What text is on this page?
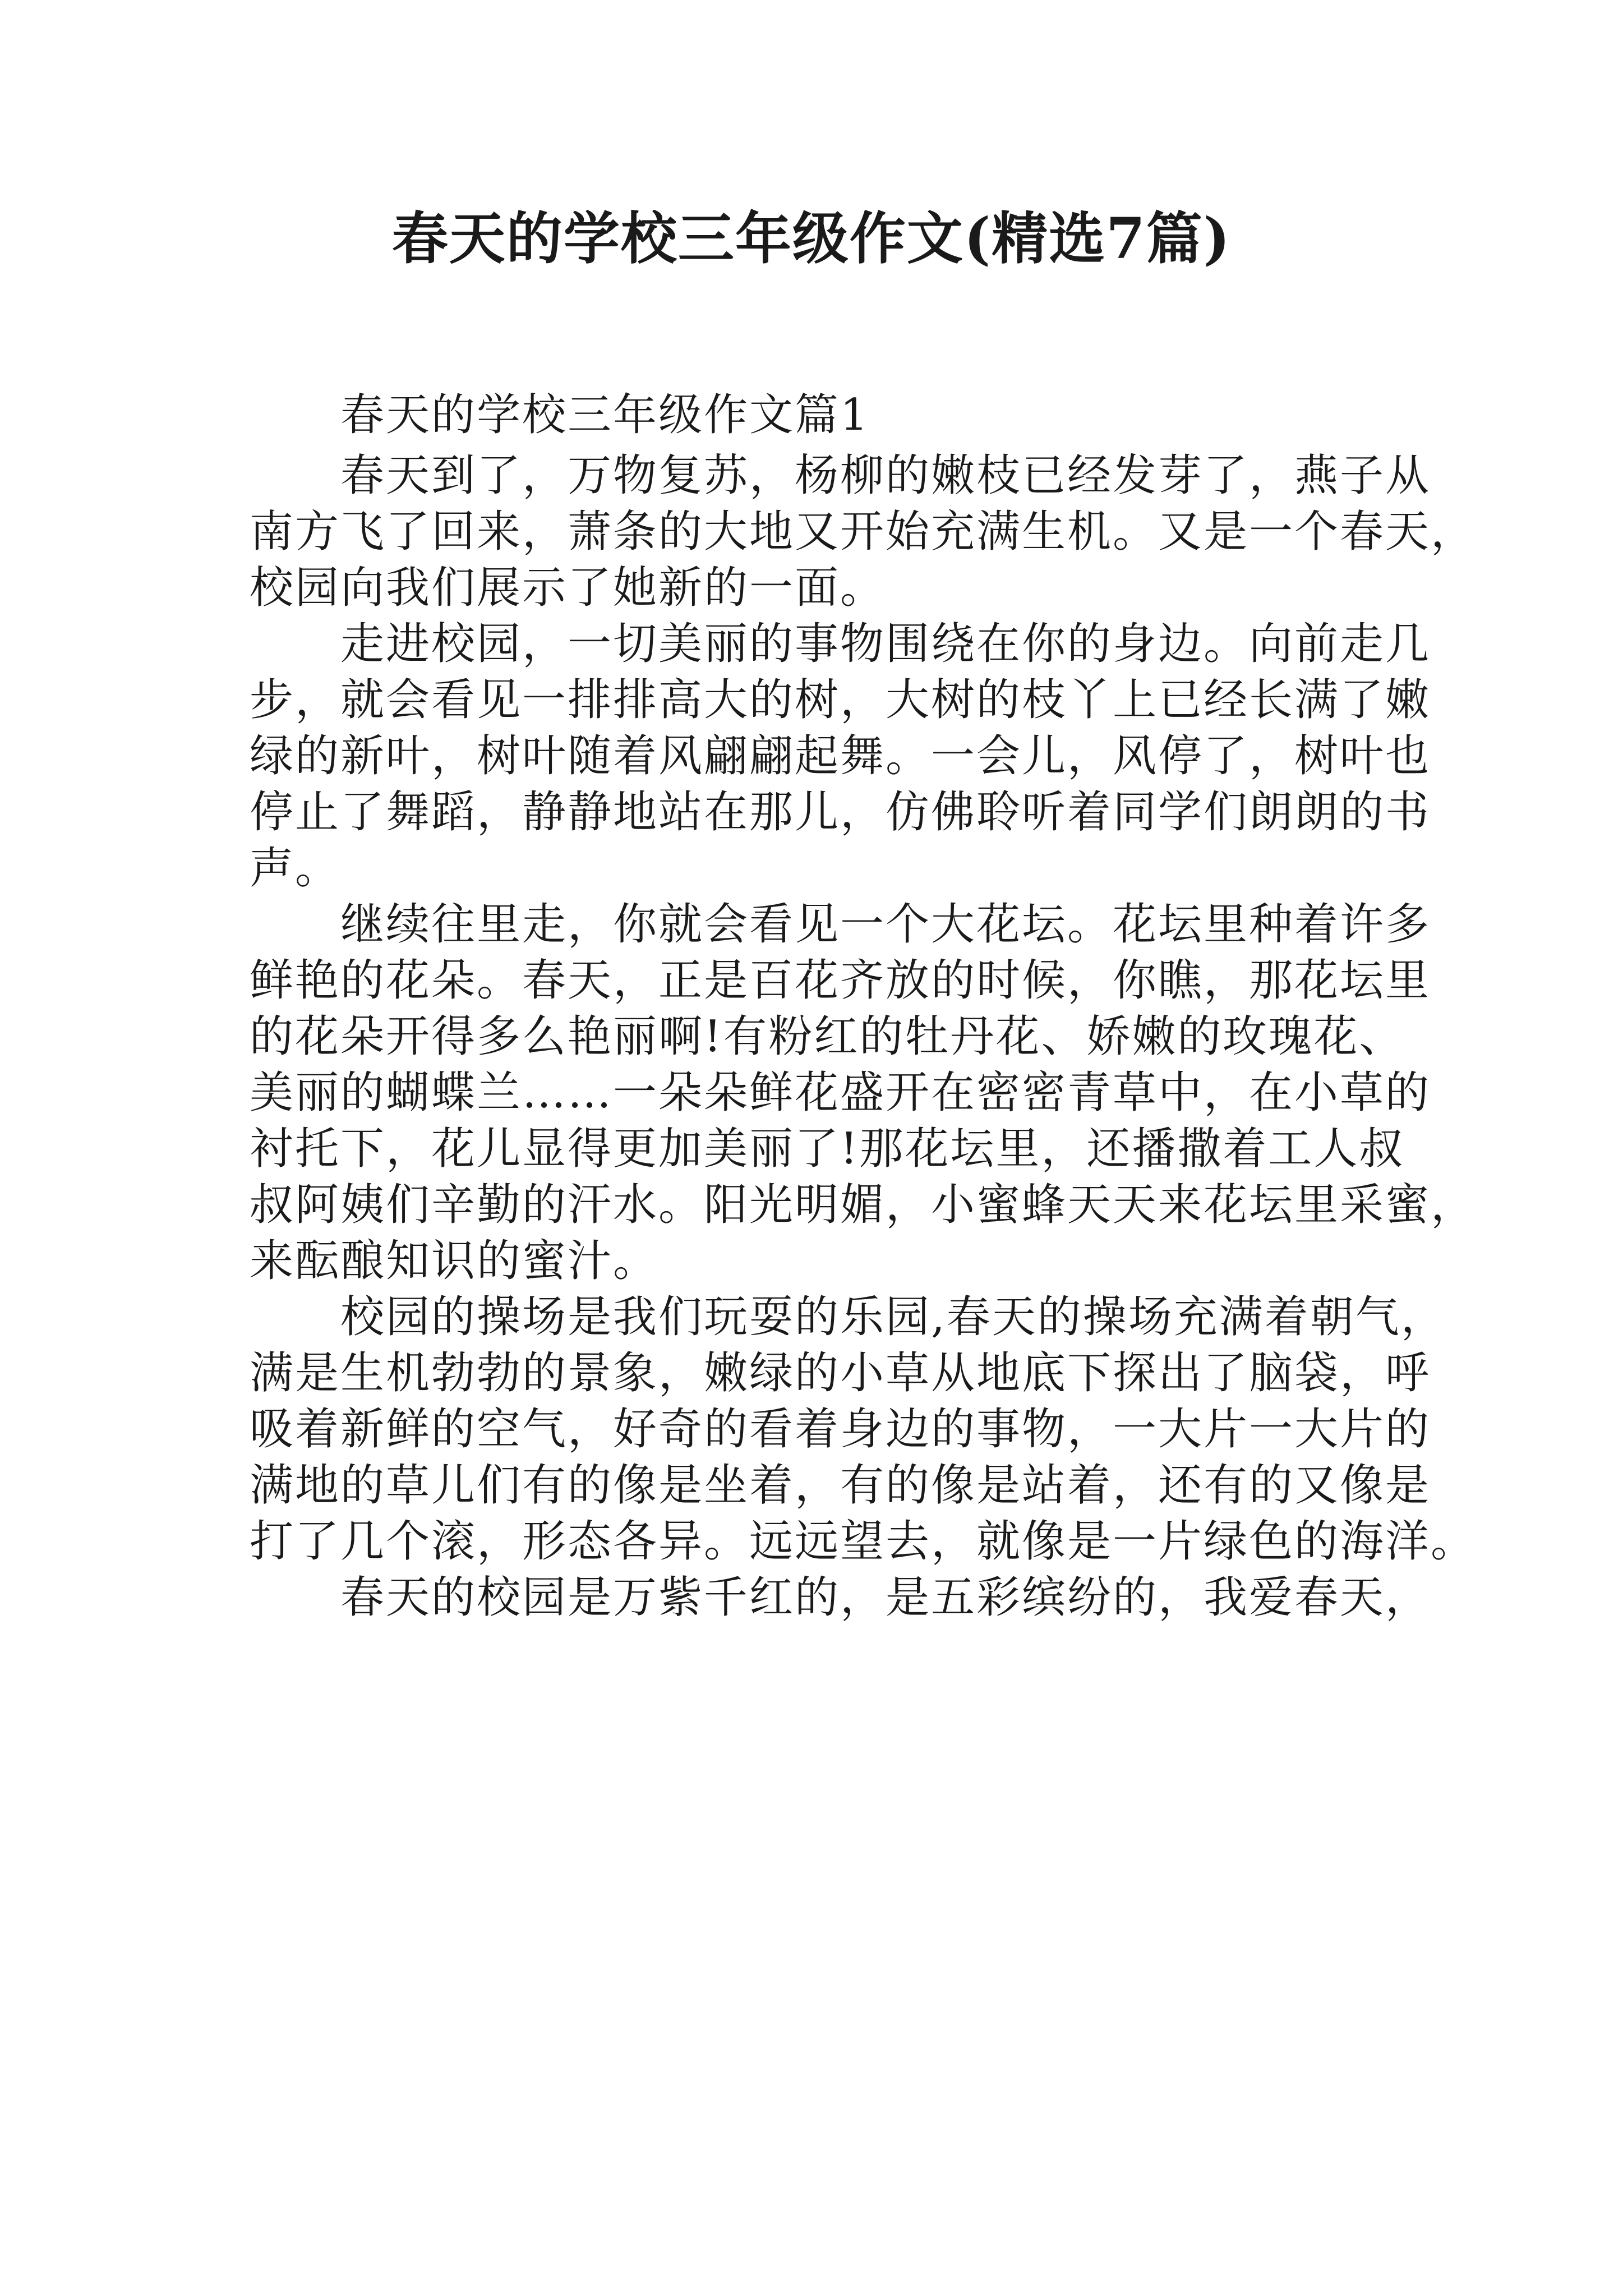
春天的学校三年级作文(精选7篇)
　　春天的学校三年级作文篇1
　　春天到了，万物复苏，杨柳的嫩枝已经发芽了，燕子从
南方飞了回来，萧条的大地又开始充满生机。又是一个春天，
校园向我们展示了她新的一面。
　　走进校园，一切美丽的事物围绕在你的身边。向前走几
步，就会看见一排排高大的树，大树的枝丫上已经长满了嫩
绿的新叶，树叶随着风翩翩起舞。一会儿，风停了，树叶也
停止了舞蹈，静静地站在那儿，仿佛聆听着同学们朗朗的书
声。
　　继续往里走，你就会看见一个大花坛。花坛里种着许多
鲜艳的花朵。春天，正是百花齐放的时候，你瞧，那花坛里
的花朵开得多么艳丽啊!有粉红的牡丹花、娇嫩的玫瑰花、
美丽的蝴蝶兰……一朵朵鲜花盛开在密密青草中，在小草的
衬托下，花儿显得更加美丽了!那花坛里，还播撒着工人叔
叔阿姨们辛勤的汗水。阳光明媚，小蜜蜂天天来花坛里采蜜，
来酝酿知识的蜜汁。
　　校园的操场是我们玩耍的乐园,春天的操场充满着朝气，
满是生机勃勃的景象，嫩绿的小草从地底下探出了脑袋，呼
吸着新鲜的空气，好奇的看着身边的事物，一大片一大片的
满地的草儿们有的像是坐着，有的像是站着，还有的又像是
打了几个滚，形态各异。远远望去，就像是一片绿色的海洋。
　　春天的校园是万紫千红的，是五彩缤纷的，我爱春天，
